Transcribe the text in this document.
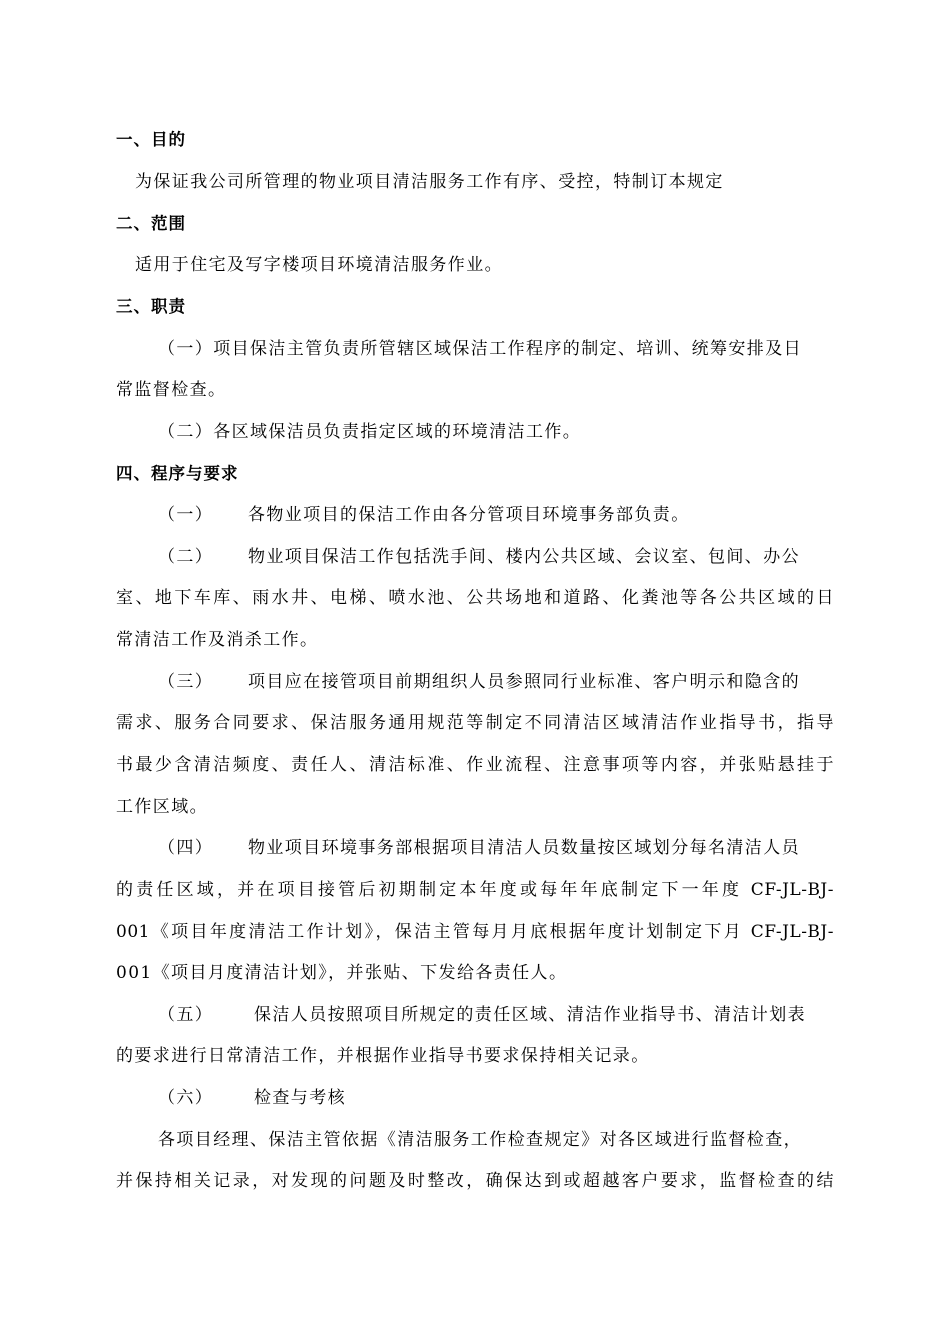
一、目的
为保证我公司所管理的物业项目清洁服务工作有序、受控，特制订本规定
二、范围
适用于住宅及写字楼项目环境清洁服务作业。
三、职责
（一）项目保洁主管负责所管辖区域保洁工作程序的制定、培训、统筹安排及日
常监督检查。
（二）各区域保洁员负责指定区域的环境清洁工作。
四、程序与要求
（一） 各物业项目的保洁工作由各分管项目环境事务部负责。
（二） 物业项目保洁工作包括洗手间、楼内公共区域、会议室、包间、办公
室、地下车库、雨水井、电梯、喷水池、公共场地和道路、化粪池等各公共区域的日
常清洁工作及消杀工作。
（三） 项目应在接管项目前期组织人员参照同行业标准、客户明示和隐含的
需求、服务合同要求、保洁服务通用规范等制定不同清洁区域清洁作业指导书，指导
书最少含清洁频度、责任人、清洁标准、作业流程、注意事项等内容，并张贴悬挂于
工作区域。
（四） 物业项目环境事务部根据项目清洁人员数量按区域划分每名清洁人员
的责任区域，并在项目接管后初期制定本年度或每年年底制定下一年度 CF-JL-BJ-
001《项目年度清洁工作计划》，保洁主管每月月底根据年度计划制定下月 CF-JL-BJ-
001《项目月度清洁计划》，并张贴、下发给各责任人。
（五） 保洁人员按照项目所规定的责任区域、清洁作业指导书、清洁计划表
的要求进行日常清洁工作，并根据作业指导书要求保持相关记录。
（六） 检查与考核
各项目经理、保洁主管依据《清洁服务工作检查规定》对各区域进行监督检查，
并保持相关记录，对发现的问题及时整改，确保达到或超越客户要求，监督检查的结
